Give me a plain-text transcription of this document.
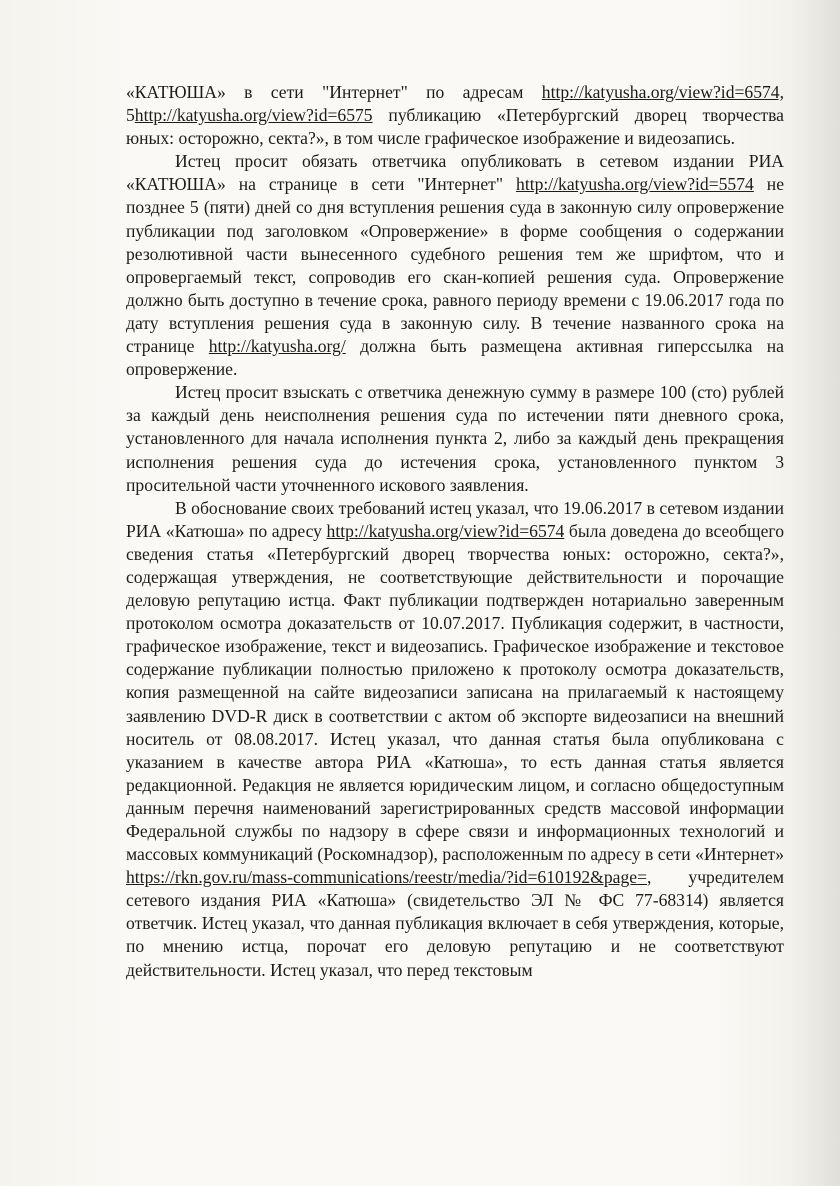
«КАТЮША» в сети "Интернет" по адресам http://katyusha.org/view?id=6574, 5http://katyusha.org/view?id=6575 публикацию «Петербургский дворец творчества юных: осторожно, секта?», в том числе графическое изображение и видеозапись.

Истец просит обязать ответчика опубликовать в сетевом издании РИА «КАТЮША» на странице в сети "Интернет" http://katyusha.org/view?id=5574 не позднее 5 (пяти) дней со дня вступления решения суда в законную силу опровержение публикации под заголовком «Опровержение» в форме сообщения о содержании резолютивной части вынесенного судебного решения тем же шрифтом, что и опровергаемый текст, сопроводив его скан-копией решения суда. Опровержение должно быть доступно в течение срока, равного периоду времени с 19.06.2017 года по дату вступления решения суда в законную силу. В течение названного срока на странице http://katyusha.org/ должна быть размещена активная гиперссылка на опровержение.

Истец просит взыскать с ответчика денежную сумму в размере 100 (сто) рублей за каждый день неисполнения решения суда по истечении пяти дневного срока, установленного для начала исполнения пункта 2, либо за каждый день прекращения исполнения решения суда до истечения срока, установленного пунктом 3 просительной части уточненного искового заявления.

В обоснование своих требований истец указал, что 19.06.2017 в сетевом издании РИА «Катюша» по адресу http://katyusha.org/view?id=6574 была доведена до всеобщего сведения статья «Петербургский дворец творчества юных: осторожно, секта?», содержащая утверждения, не соответствующие действительности и порочащие деловую репутацию истца. Факт публикации подтвержден нотариально заверенным протоколом осмотра доказательств от 10.07.2017. Публикация содержит, в частности, графическое изображение, текст и видеозапись. Графическое изображение и текстовое содержание публикации полностью приложено к протоколу осмотра доказательств, копия размещенной на сайте видеозаписи записана на прилагаемый к настоящему заявлению DVD-R диск в соответствии с актом об экспорте видеозаписи на внешний носитель от 08.08.2017. Истец указал, что данная статья была опубликована с указанием в качестве автора РИА «Катюша», то есть данная статья является редакционной. Редакция не является юридическим лицом, и согласно общедоступным данным перечня наименований зарегистрированных средств массовой информации Федеральной службы по надзору в сфере связи и информационных технологий и массовых коммуникаций (Роскомнадзор), расположенным по адресу в сети «Интернет» https://rkn.gov.ru/mass-communications/reestr/media/?id=610192&page=, учредителем сетевого издания РИА «Катюша» (свидетельство ЭЛ № ФС 77-68314) является ответчик. Истец указал, что данная публикация включает в себя утверждения, которые, по мнению истца, порочат его деловую репутацию и не соответствуют действительности. Истец указал, что перед текстовым
